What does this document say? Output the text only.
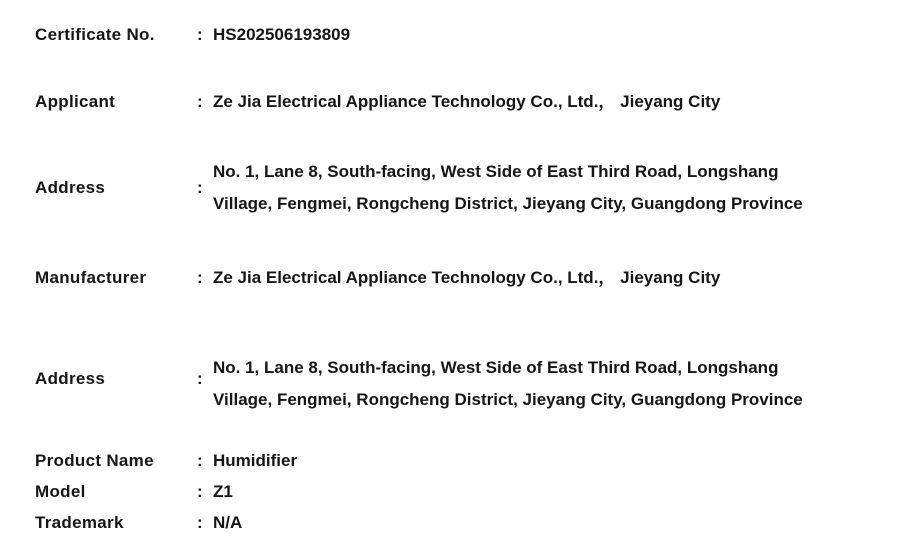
Certificate No.	: HS202506193809
Applicant	: Ze Jia Electrical Appliance Technology Co., Ltd.， Jieyang City
Address	:
No. 1, Lane 8, South-facing, West Side of East Third Road, Longshang
Village, Fengmei, Rongcheng District, Jieyang City, Guangdong Province
Manufacturer	: Ze Jia Electrical Appliance Technology Co., Ltd.， Jieyang City
Address	:
No. 1, Lane 8, South-facing, West Side of East Third Road, Longshang
Village, Fengmei, Rongcheng District, Jieyang City, Guangdong Province
Product Name	: Humidifier
Model	: Z1
Trademark	: N/A
